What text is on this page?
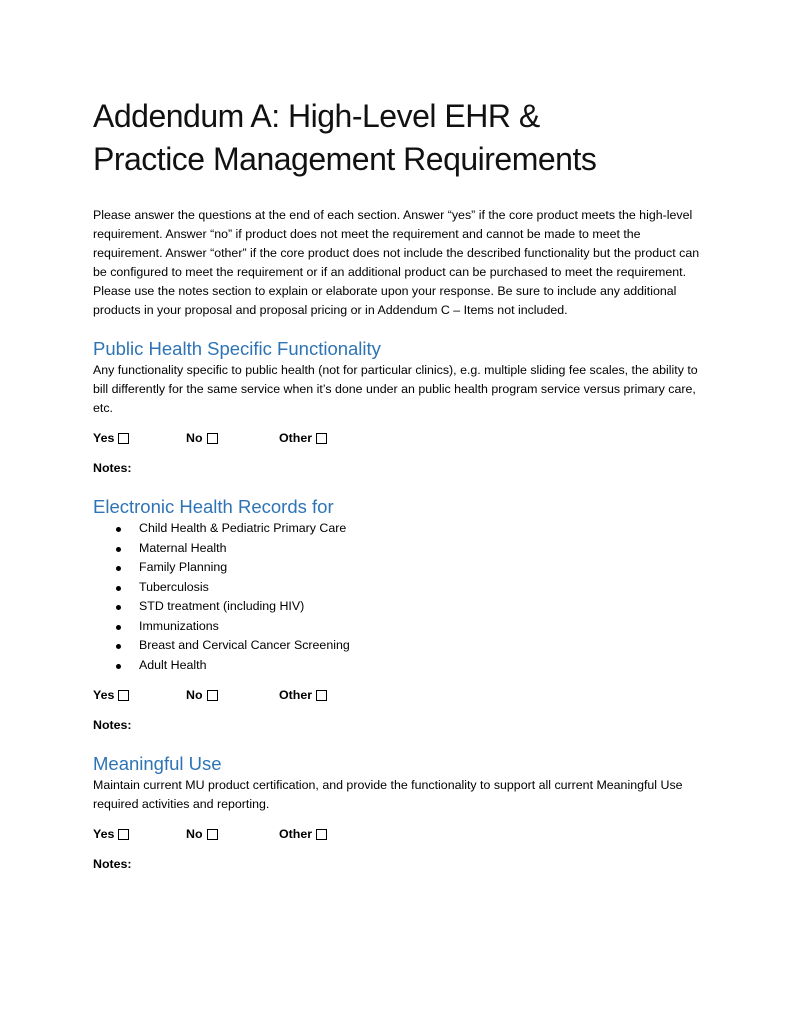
Addendum A: High-Level EHR &
Practice Management Requirements

Please answer the questions at the end of each section. Answer “yes” if the core product meets the high-level requirement. Answer “no” if product does not meet the requirement and cannot be made to meet the requirement. Answer “other” if the core product does not include the described functionality but the product can be configured to meet the requirement or if an additional product can be purchased to meet the requirement. Please use the notes section to explain or elaborate upon your response. Be sure to include any additional products in your proposal and proposal pricing or in Addendum C – Items not included.

Public Health Specific Functionality
Any functionality specific to public health (not for particular clinics), e.g. multiple sliding fee scales, the ability to bill differently for the same service when it’s done under an public health program service versus primary care, etc.
Yes	No	Other
Notes:
Electronic Health Records for
Child Health & Pediatric Primary Care
Maternal Health
Family Planning
Tuberculosis
STD treatment (including HIV)
Immunizations
Breast and Cervical Cancer Screening
Adult Health
Yes	No	Other
Notes:
Meaningful Use
Maintain current MU product certification, and provide the functionality to support all current Meaningful Use required activities and reporting.
Yes	No	Other
Notes:
